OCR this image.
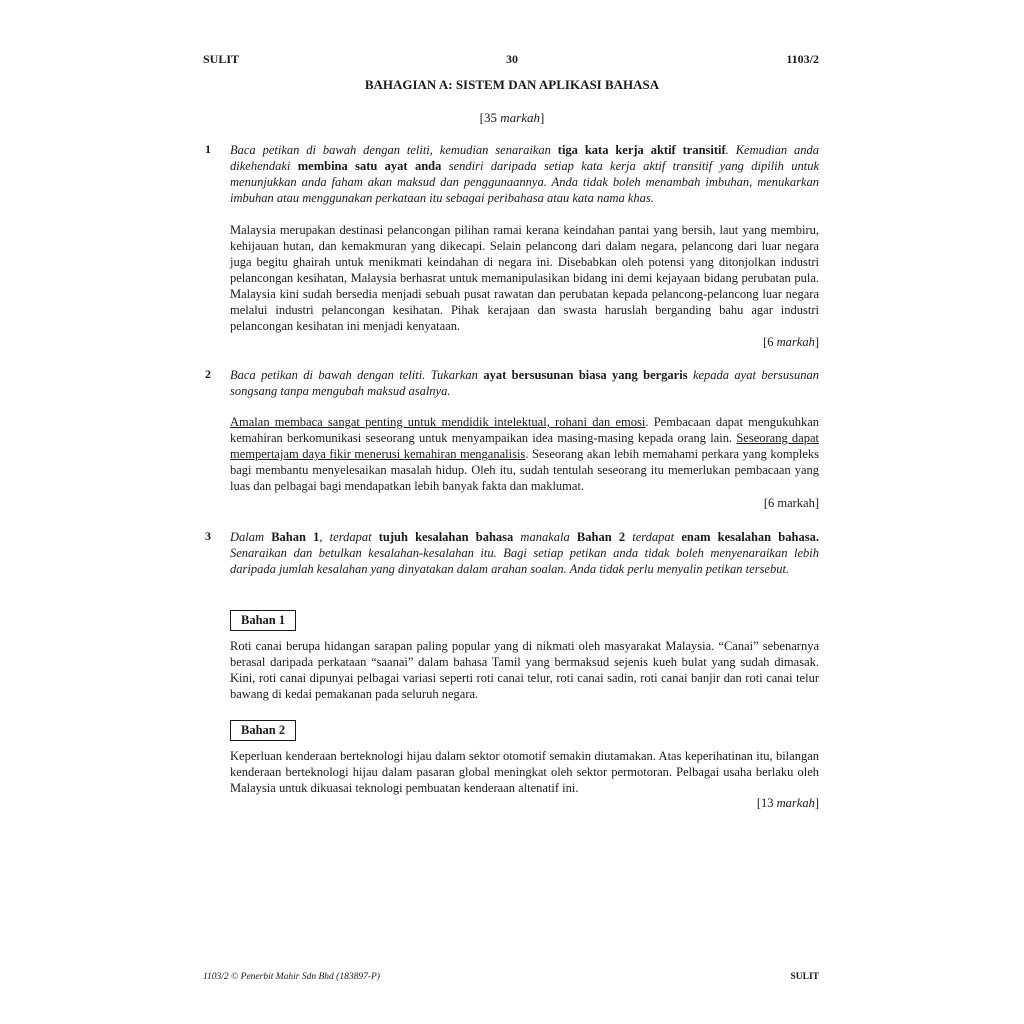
SULIT	30	1103/2
BAHAGIAN A: SISTEM DAN APLIKASI BAHASA
[35 markah]
1 Baca petikan di bawah dengan teliti, kemudian senaraikan tiga kata kerja aktif transitif. Kemudian anda dikehendaki membina satu ayat anda sendiri daripada setiap kata kerja aktif transitif yang dipilih untuk menunjukkan anda faham akan maksud dan penggunaannya. Anda tidak boleh menambah imbuhan, menukarkan imbuhan atau menggunakan perkataan itu sebagai peribahasa atau kata nama khas.

Malaysia merupakan destinasi pelancongan pilihan ramai kerana keindahan pantai yang bersih, laut yang membiru, kehijauan hutan, dan kemakmuran yang dikecapi. Selain pelancong dari dalam negara, pelancong dari luar negara juga begitu ghairah untuk menikmati keindahan di negara ini. Disebabkan oleh potensi yang ditonjolkan industri pelancongan kesihatan, Malaysia berhasrat untuk memanipulasikan bidang ini demi kejayaan bidang perubatan pula. Malaysia kini sudah bersedia menjadi sebuah pusat rawatan dan perubatan kepada pelancong-pelancong luar negara melalui industri pelancongan kesihatan. Pihak kerajaan dan swasta haruslah berganding bahu agar industri pelancongan kesihatan ini menjadi kenyataan.

[6 markah]
2 Baca petikan di bawah dengan teliti. Tukarkan ayat bersusunan biasa yang bergaris kepada ayat bersusunan songsang tanpa mengubah maksud asalnya.

Amalan membaca sangat penting untuk mendidik intelektual, rohani dan emosi. Pembacaan dapat mengukuhkan kemahiran berkomunikasi seseorang untuk menyampaikan idea masing-masing kepada orang lain. Seseorang dapat mempertajam daya fikir menerusi kemahiran menganalisis. Seseorang akan lebih memahami perkara yang kompleks bagi membantu menyelesaikan masalah hidup. Oleh itu, sudah tentulah seseorang itu memerlukan pembacaan yang luas dan pelbagai bagi mendapatkan lebih banyak fakta dan maklumat.

[6 markah]
3 Dalam Bahan 1, terdapat tujuh kesalahan bahasa manakala Bahan 2 terdapat enam kesalahan bahasa. Senaraikan dan betulkan kesalahan-kesalahan itu. Bagi setiap petikan anda tidak boleh menyenaraikan lebih daripada jumlah kesalahan yang dinyatakan dalam arahan soalan. Anda tidak perlu menyalin petikan tersebut.

Bahan 1

Roti canai berupa hidangan sarapan paling popular yang di nikmati oleh masyarakat Malaysia. “Canai” sebenarnya berasal daripada perkataan “saanai” dalam bahasa Tamil yang bermaksud sejenis kueh bulat yang sudah dimasak. Kini, roti canai dipunyai pelbagai variasi seperti roti canai telur, roti canai sadin, roti canai banjir dan roti canai telur bawang di kedai pemakanan pada seluruh negara.

Bahan 2

Keperluan kenderaan berteknologi hijau dalam sektor otomotif semakin diutamakan. Atas keperihatinan itu, bilangan kenderaan berteknologi hijau dalam pasaran global meningkat oleh sektor permotoran. Pelbagai usaha berlaku oleh Malaysia untuk dikuasai teknologi pembuatan kenderaan altenatif ini.

[13 markah]
1103/2 © Penerbit Mahir Sdn Bhd (183897-P)	SULIT
